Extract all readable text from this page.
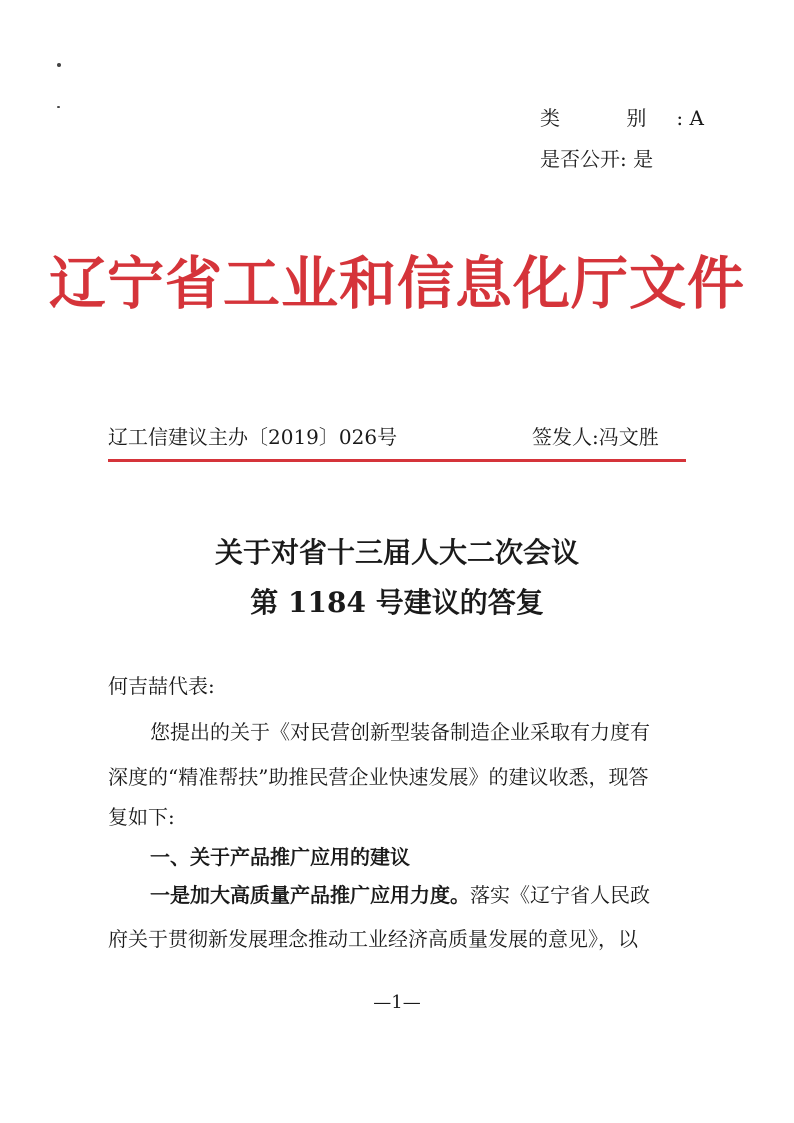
类 别: A
是否公开: 是
辽宁省工业和信息化厅文件
辽工信建议主办〔2019〕026号	签发人:冯文胜
关于对省十三届人大二次会议
第 1184 号建议的答复
何吉喆代表:
您提出的关于《对民营创新型装备制造企业采取有力度有
深度的“精准帮扶”助推民营企业快速发展》的建议收悉，现答
复如下:
一、关于产品推广应用的建议
一是加大高质量产品推广应用力度。落实《辽宁省人民政
府关于贯彻新发展理念推动工业经济高质量发展的意见》，以
—1—
